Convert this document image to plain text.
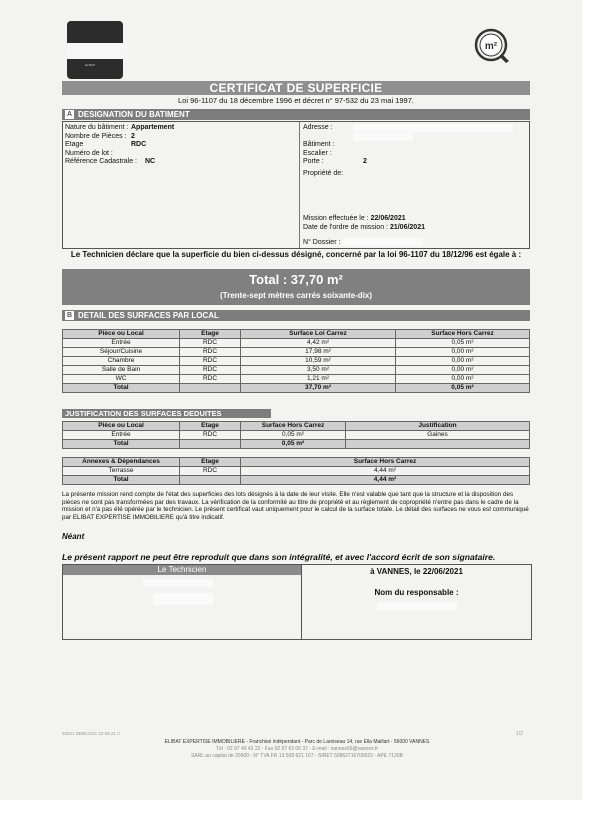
ELIBAT
m²
CERTIFICAT DE SUPERFICIE
Loi 96-1107 du 18 décembre 1996 et décret n° 97-532 du 23 mai 1997.
A DESIGNATION DU BATIMENT
Nature du bâtiment : Appartement
Nombre de Pièces : 2
Etage	RDC
Numéro de lot :
Référence Cadastrale :	NC
Adresse :
Bâtiment :
Escalier :
Porte :	2
Propriété de:
Mission effectuée le : 22/06/2021
Date de l'ordre de mission : 21/06/2021
N° Dossier :
Le Technicien déclare que la superficie du bien ci-dessus désigné, concerné par la loi 96-1107 du 18/12/96 est égale à :
Total : 37,70 m²
(Trente-sept mètres carrés soixante-dix)
B DETAIL DES SURFACES PAR LOCAL
Pièce ou Local	Etage	Surface Loi Carrez	Surface Hors Carrez
Entrée	RDC	4,42 m²	0,05 m²
Séjour/Cuisine	RDC	17,98 m²	0,00 m²
Chambre	RDC	10,59 m²	0,00 m²
Salle de Bain	RDC	3,50 m²	0,00 m²
WC	RDC	1,21 m²	0,00 m²
Total		37,70 m²	0,05 m²
JUSTIFICATION DES SURFACES DEDUITES
Pièce ou Local	Etage	Surface Hors Carrez	Justification
Entrée	RDC	0,05 m²	Gaines
Total		0,05 m²	
Annexes & Dépendances	Etage	Surface Hors Carrez
Terrasse	RDC	4,44 m²
Total		4,44 m²
La présente mission rend compte de l'état des superficies des lots désignés à la date de leur visite. Elle n'est valable que tant que la structure et la disposition des pièces ne sont pas transformées par des travaux. La vérification de la conformité au titre de propriété et au règlement de copropriété n'entre pas dans le cadre de la mission et n'a pas été opérée par le technicien. Le présent certificat vaut uniquement pour le calcul de la surface totale. Le détail des surfaces ne vous est communiqué par ELIBAT EXPERTISE IMMOBILIERE qu'à titre indicatif.
Néant
Le présent rapport ne peut être reproduit que dans son intégralité, et avec l'accord écrit de son signataire.
Le Technicien	à VANNES, le 22/06/2021
Nom du responsable :
32021 DEBLOCK 22.06.21 C	1/2
ELIBAT EXPERTISE IMMOBILIERE - Franchisé indépendant - Parc de Laroiseau 14, rue Ella Maillart - 56000 VANNES
Tél : 02 97 40 42 22 - Fax 02 97 63 06 37 - E-mail : vannes56@vannes.fr
SARL au capital de 20000 - N° TVA FR 13 508 621 167 - SIRET 50862716700023 - APE 7120B
